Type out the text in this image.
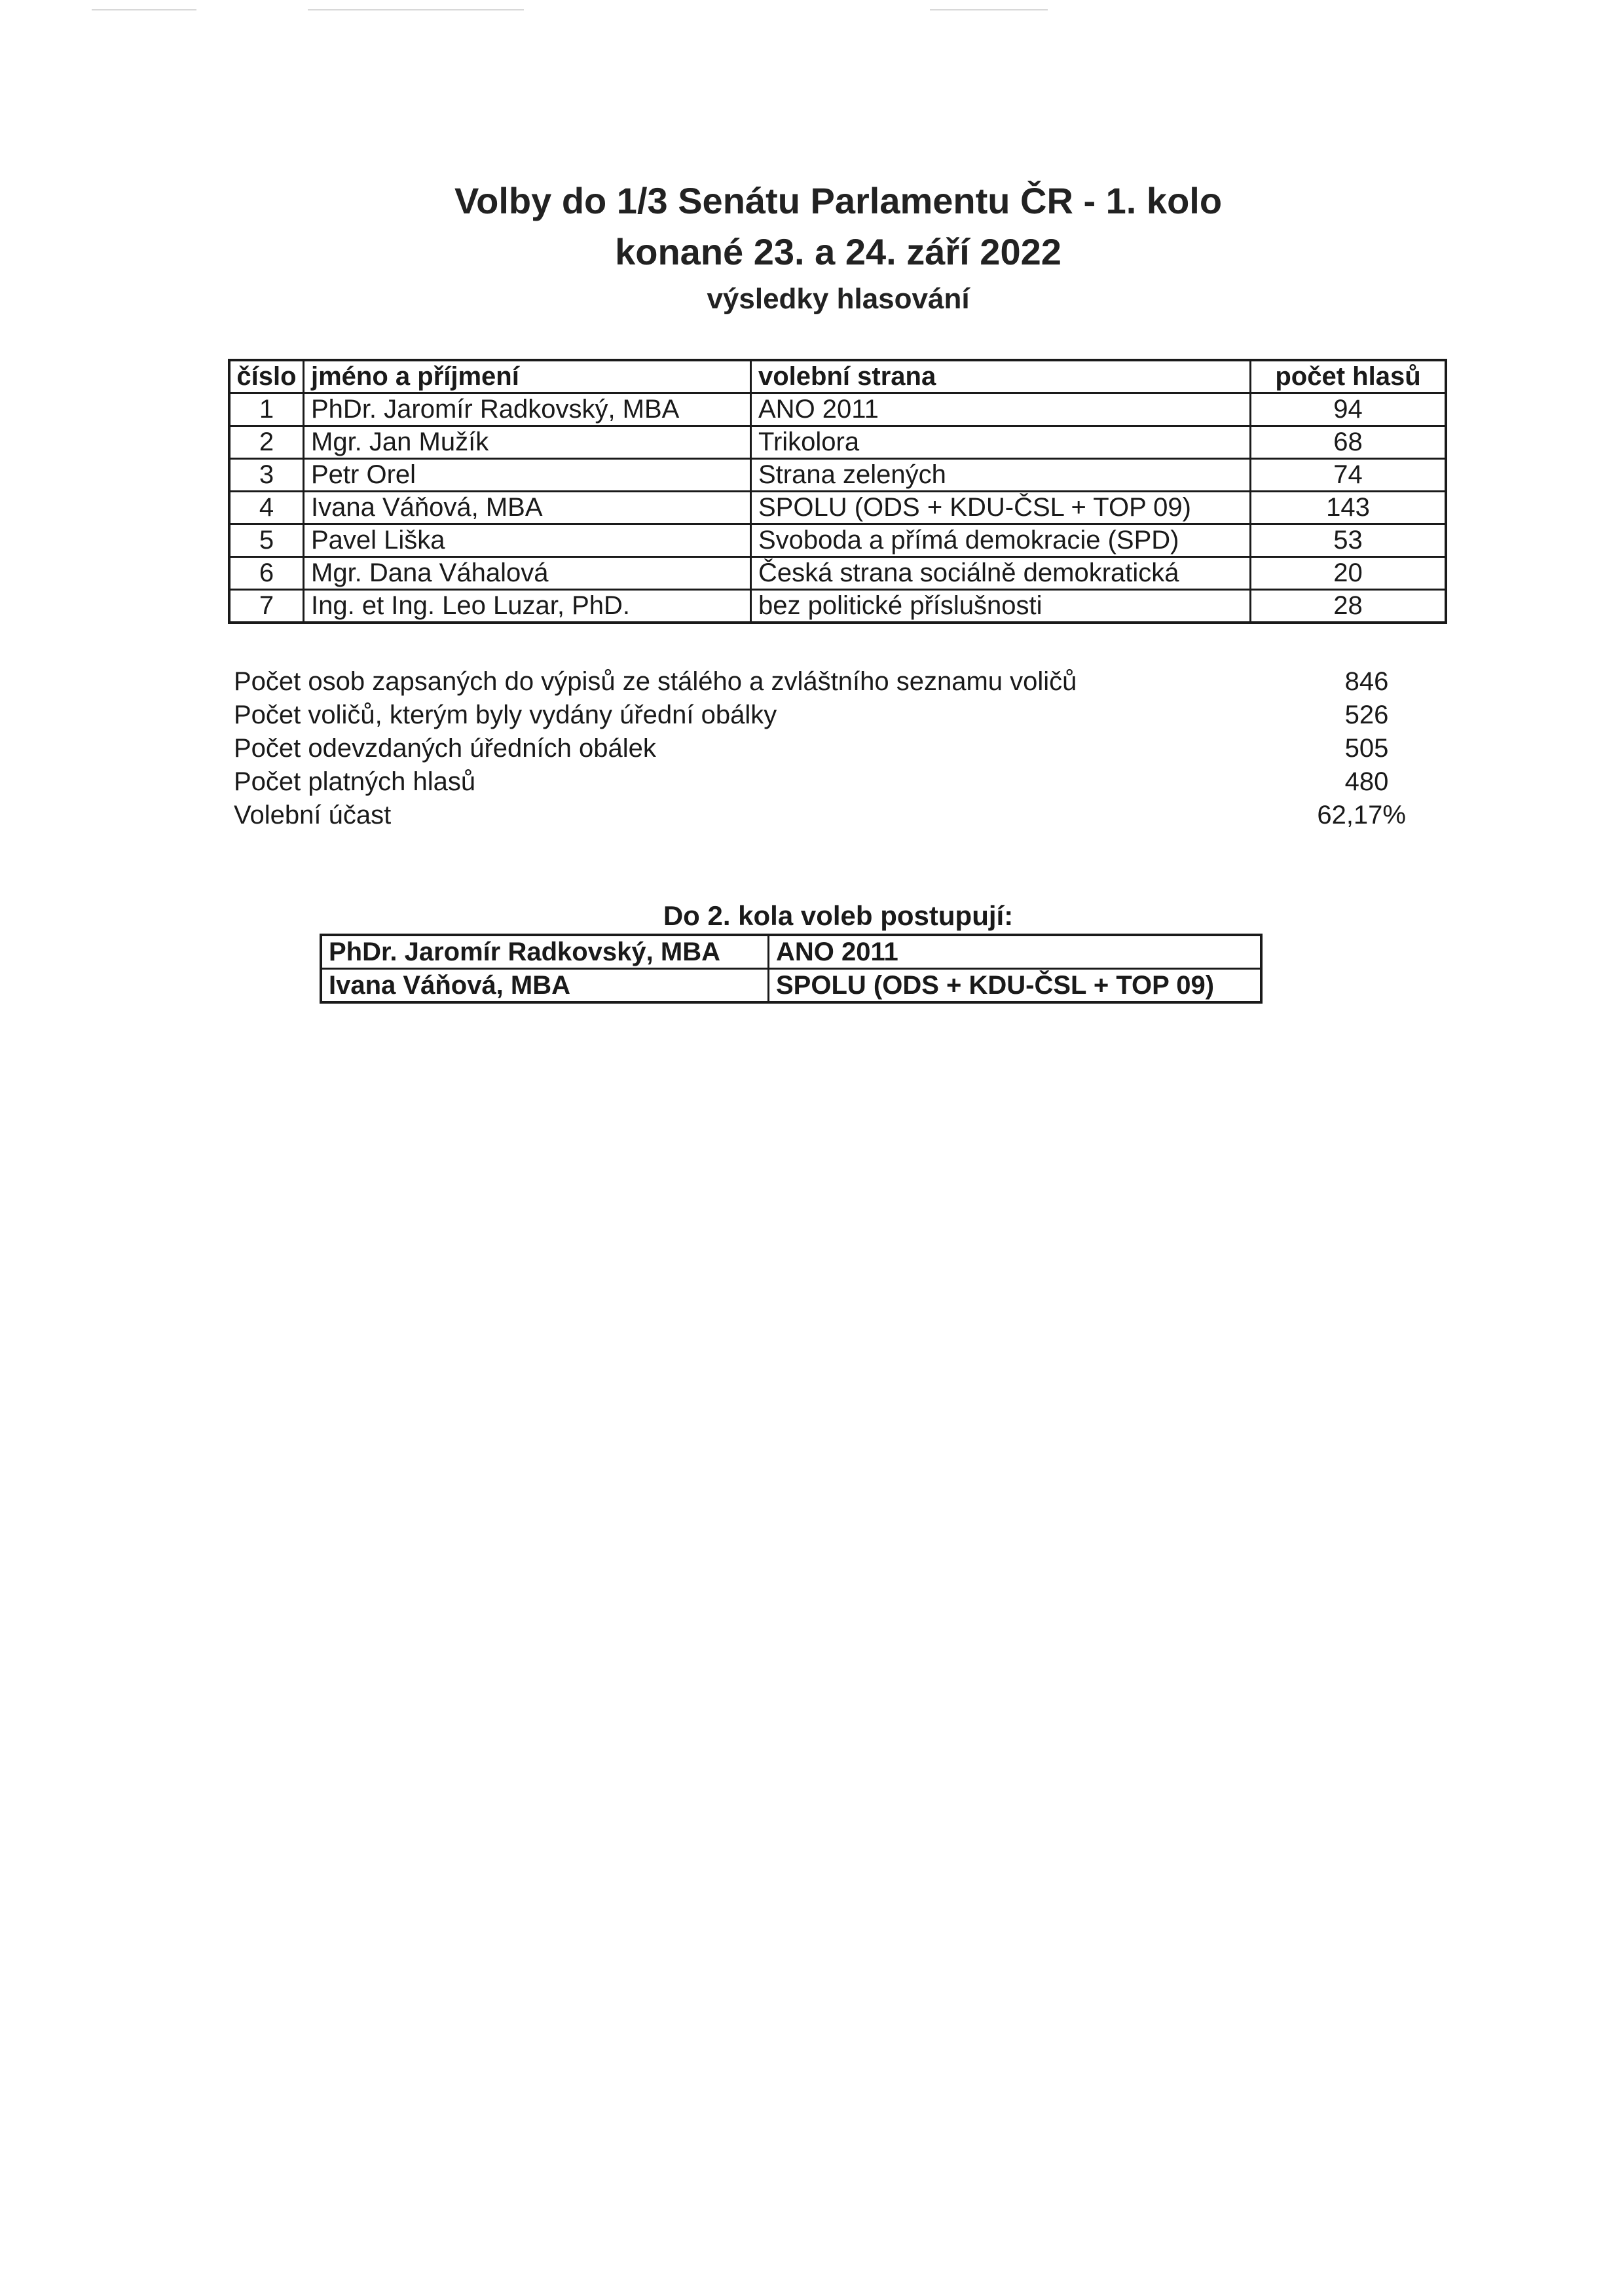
Volby do 1/3 Senátu Parlamentu ČR - 1. kolo
konané 23. a 24. září 2022
výsledky hlasování
číslo	jméno a příjmení	volební strana	počet hlasů
1	PhDr. Jaromír Radkovský, MBA	ANO 2011	94
2	Mgr. Jan Mužík	Trikolora	68
3	Petr Orel	Strana zelených	74
4	Ivana Váňová, MBA	SPOLU (ODS + KDU-ČSL + TOP 09)	143
5	Pavel Liška	Svoboda a přímá demokracie (SPD)	53
6	Mgr. Dana Váhalová	Česká strana sociálně demokratická	20
7	Ing. et Ing. Leo Luzar, PhD.	bez politické příslušnosti	28
Počet osob zapsaných do výpisů ze stálého a zvláštního seznamu voličů	846
Počet voličů, kterým byly vydány úřední obálky	526
Počet odevzdaných úředních obálek	505
Počet platných hlasů	480
Volební účast	62,17%
Do 2. kola voleb postupují:
PhDr. Jaromír Radkovský, MBA	ANO 2011
Ivana Váňová, MBA	SPOLU (ODS + KDU-ČSL + TOP 09)
